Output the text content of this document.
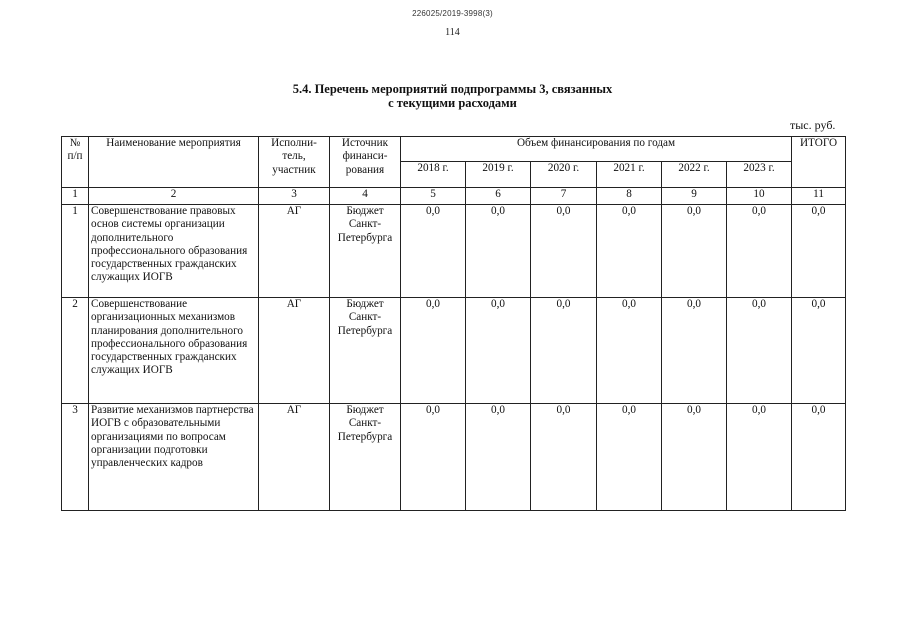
226025/2019-3998(3)
114
5.4. Перечень мероприятий подпрограммы 3, связанных
с текущими расходами
тыс. руб.
№ п/п	Наименование мероприятия	Исполни- тель, участник	Источник финанси- рования	Объем финансирования по годам						ИТОГО
				2018 г.	2019 г.	2020 г.	2021 г.	2022 г.	2023 г.	
1	2	3	4	5	6	7	8	9	10	11
1	Совершенствование правовых основ системы организации дополнительного профессионального образования государственных гражданских служащих ИОГВ	АГ	Бюджет Санкт-Петербурга	0,0	0,0	0,0	0,0	0,0	0,0	0,0
2	Совершенствование организационных механизмов планирования дополнительного профессионального образования государственных гражданских служащих ИОГВ	АГ	Бюджет Санкт-Петербурга	0,0	0,0	0,0	0,0	0,0	0,0	0,0
3	Развитие механизмов партнерства ИОГВ с образовательными организациями по вопросам организации подготовки управленческих кадров	АГ	Бюджет Санкт-Петербурга	0,0	0,0	0,0	0,0	0,0	0,0	0,0
